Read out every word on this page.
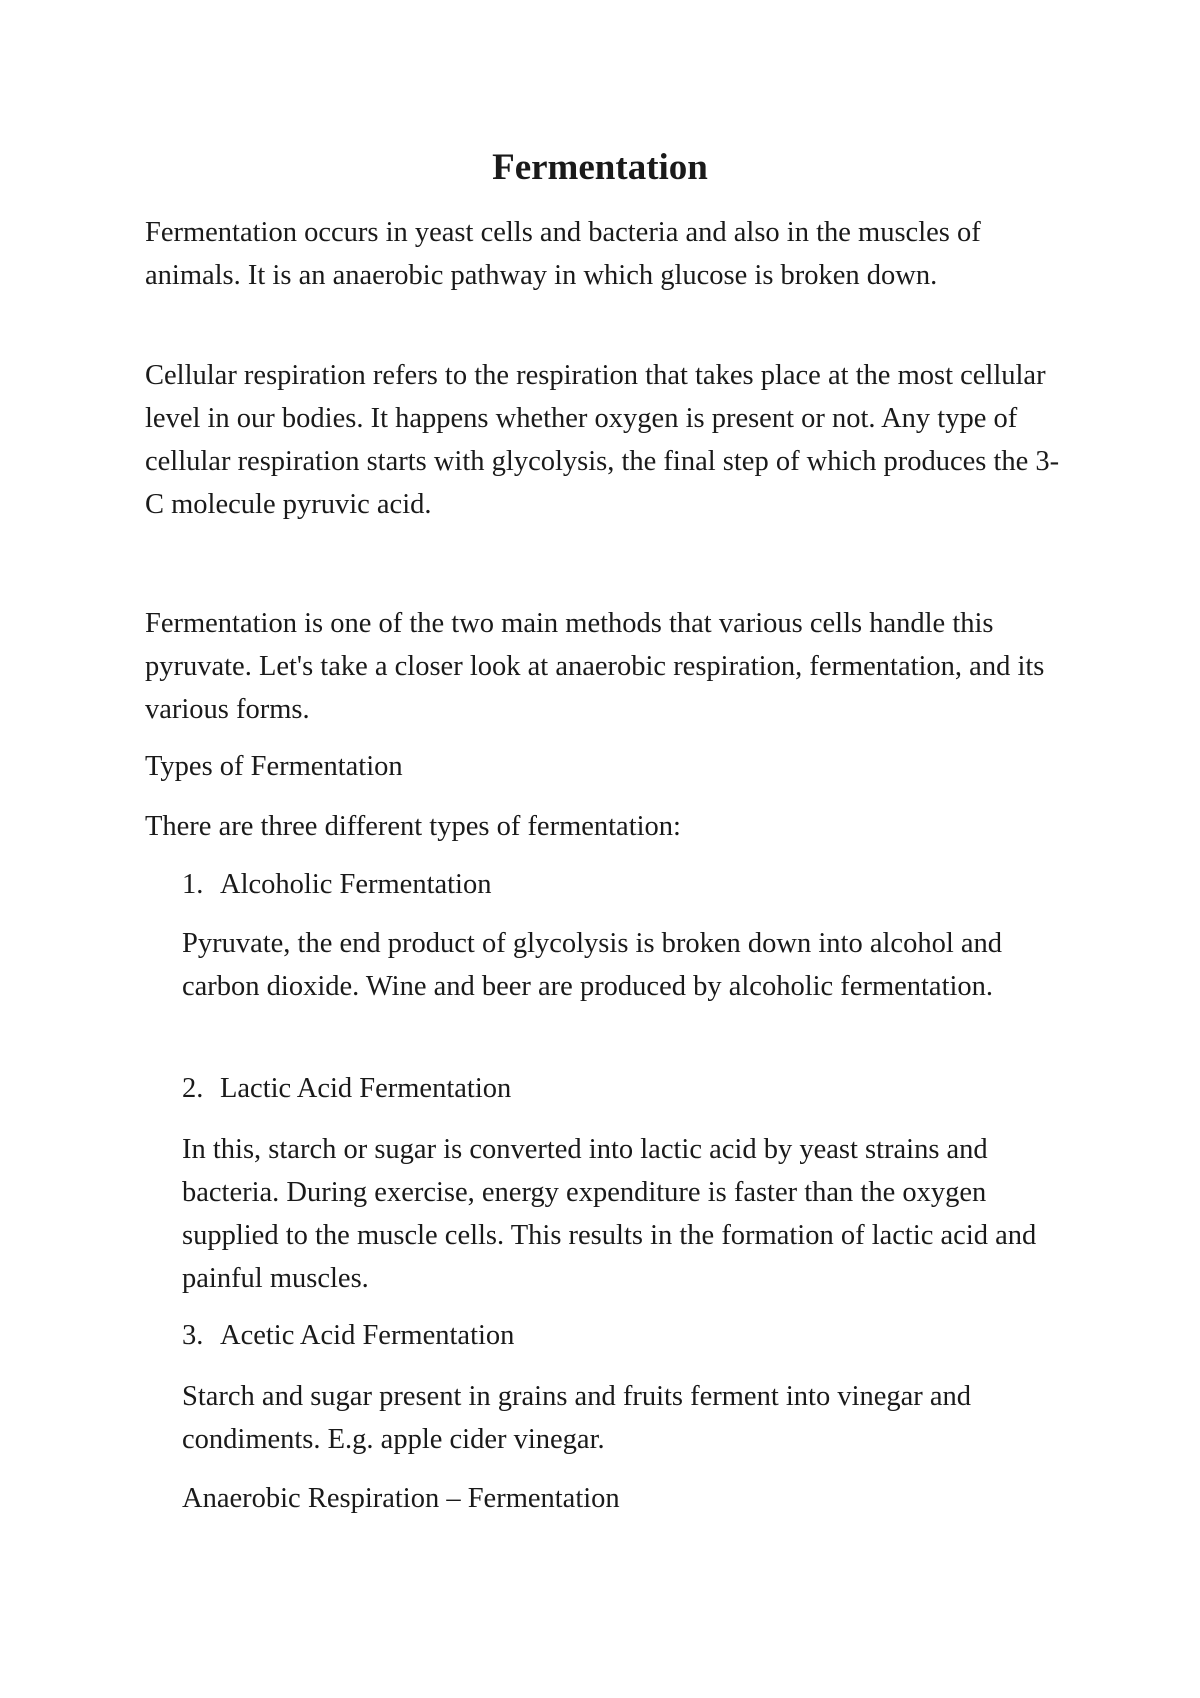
Fermentation

Fermentation occurs in yeast cells and bacteria and also in the muscles of animals. It is an anaerobic pathway in which glucose is broken down.

Cellular respiration refers to the respiration that takes place at the most cellular level in our bodies. It happens whether oxygen is present or not. Any type of cellular respiration starts with glycolysis, the final step of which produces the 3-C molecule pyruvic acid.

Fermentation is one of the two main methods that various cells handle this pyruvate. Let's take a closer look at anaerobic respiration, fermentation, and its various forms.

Types of Fermentation

There are three different types of fermentation:

1. Alcoholic Fermentation

Pyruvate, the end product of glycolysis is broken down into alcohol and carbon dioxide. Wine and beer are produced by alcoholic fermentation.

2. Lactic Acid Fermentation

In this, starch or sugar is converted into lactic acid by yeast strains and bacteria. During exercise, energy expenditure is faster than the oxygen supplied to the muscle cells. This results in the formation of lactic acid and painful muscles.

3. Acetic Acid Fermentation

Starch and sugar present in grains and fruits ferment into vinegar and condiments. E.g. apple cider vinegar.

Anaerobic Respiration – Fermentation
